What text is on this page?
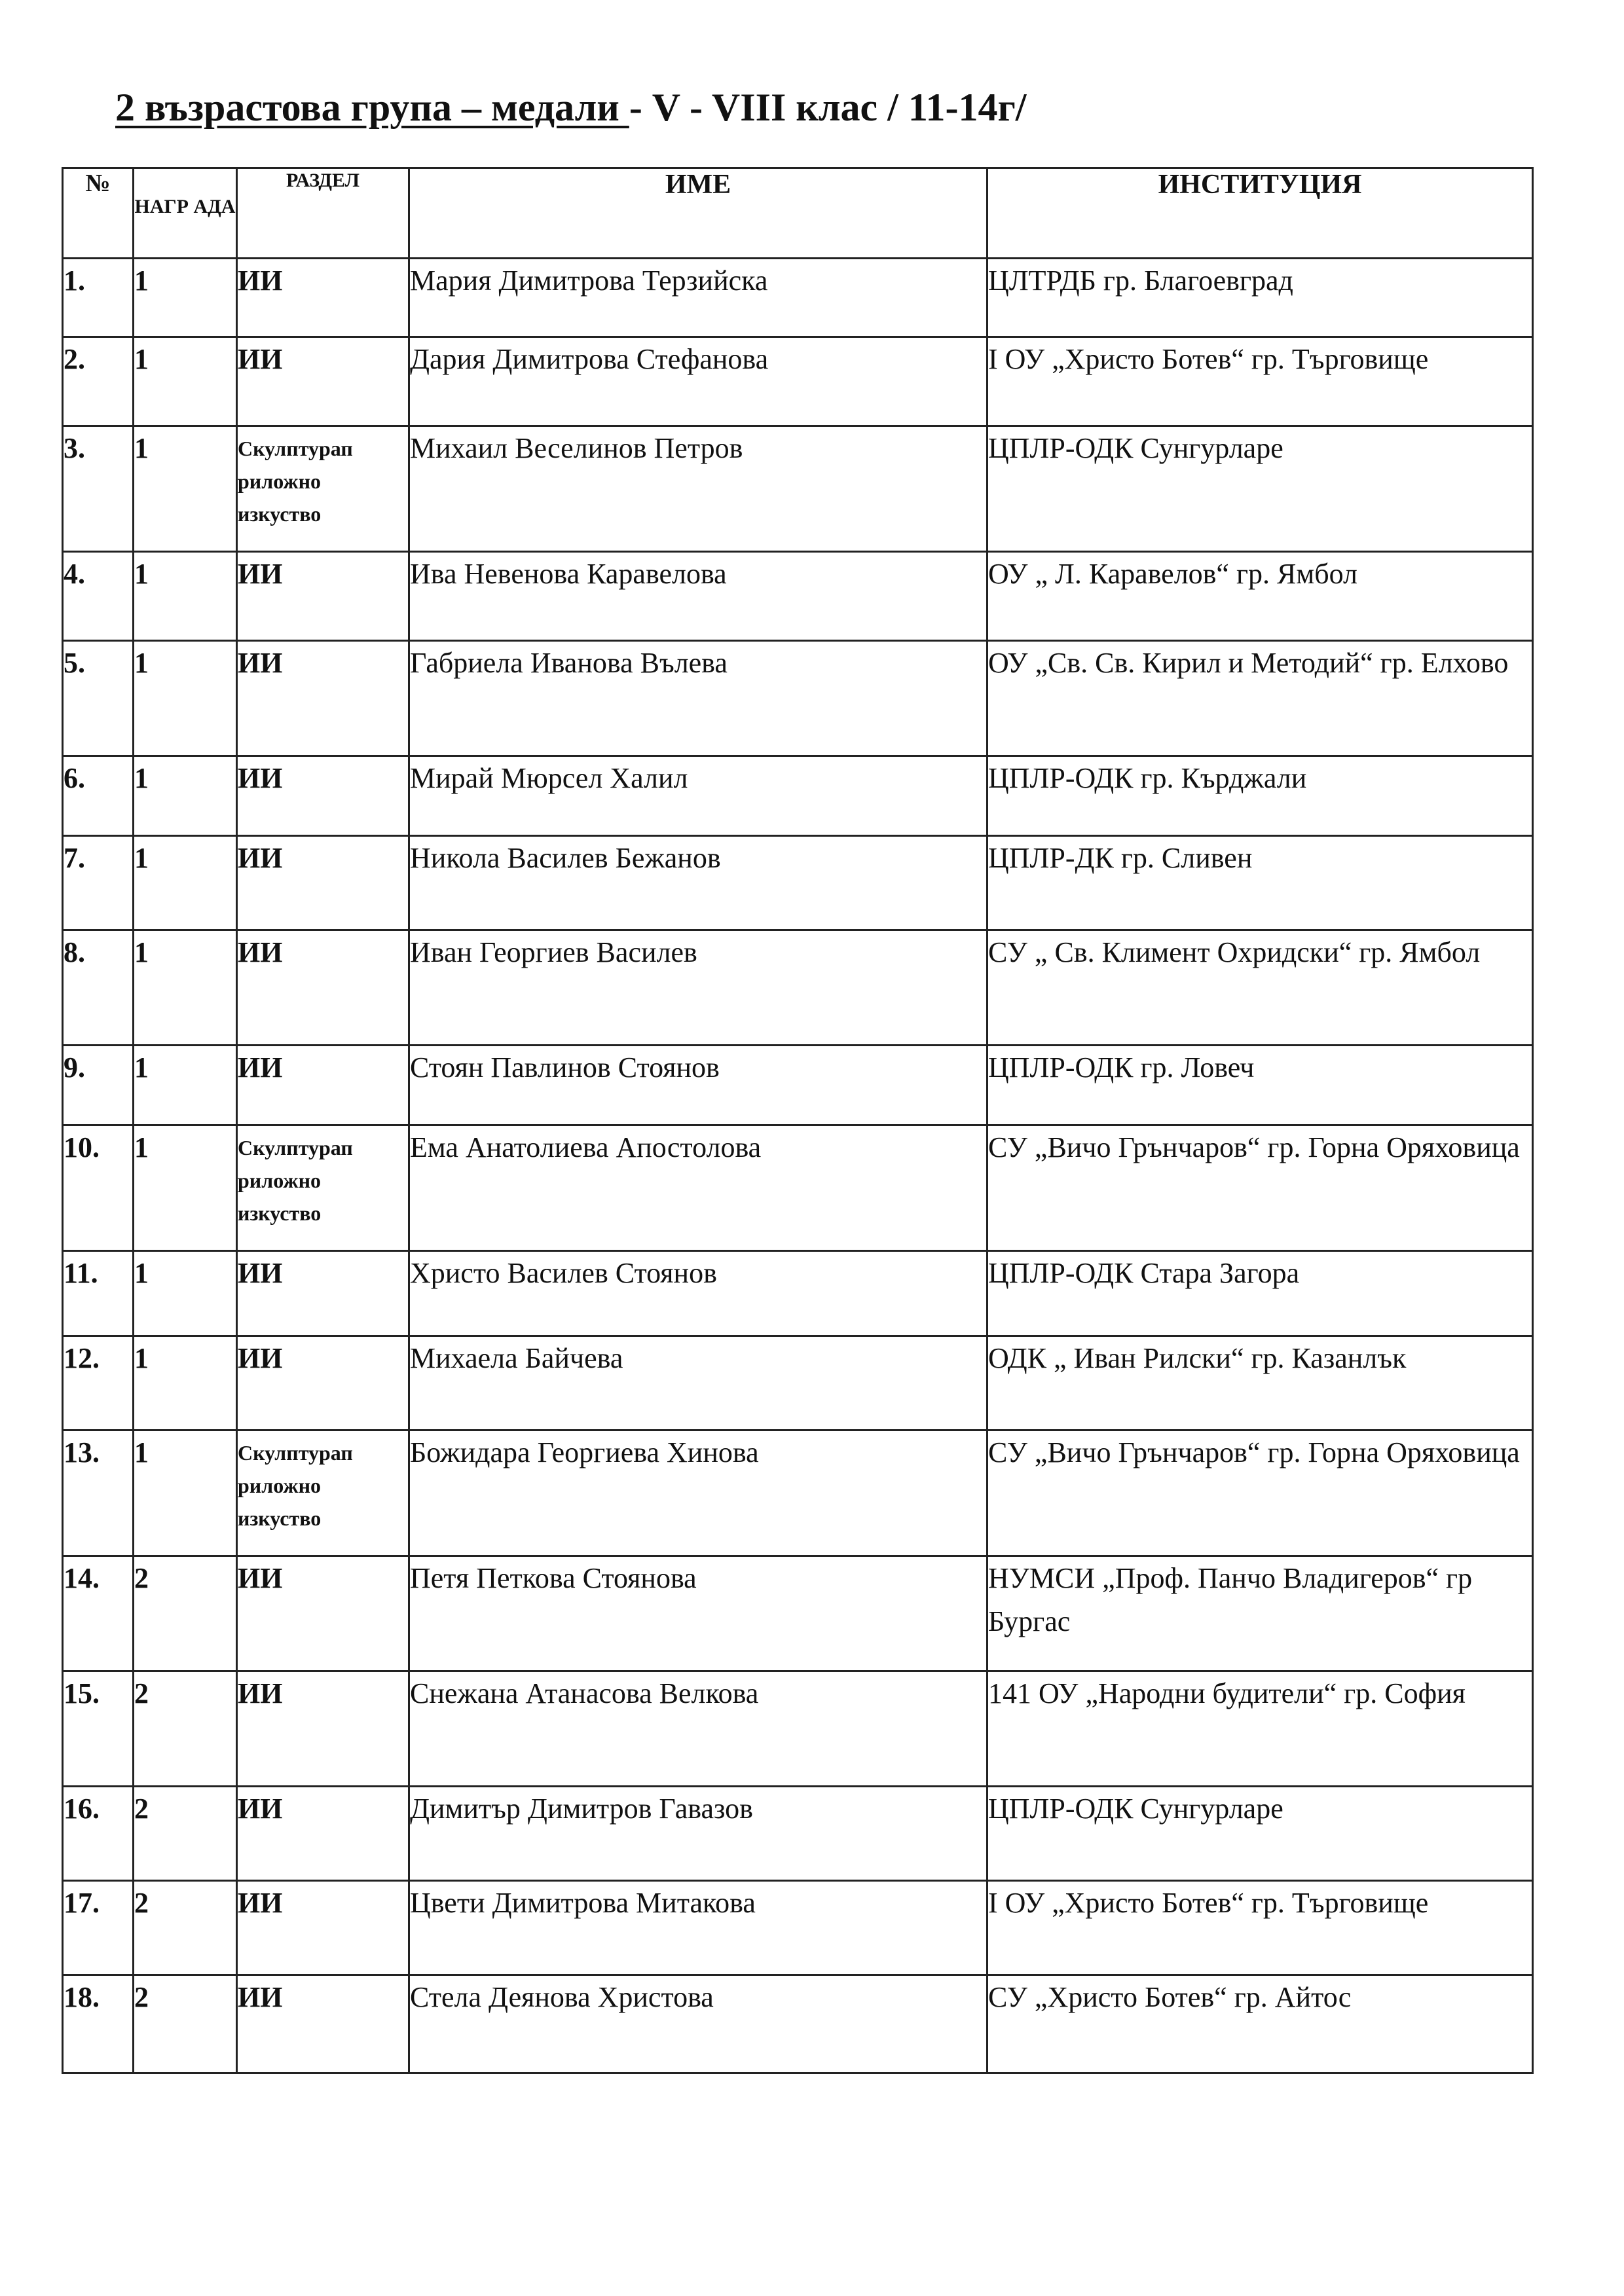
2 възрастова група – медали - V - VIII клас / 11-14г/
№	НАГР АДА	РАЗДЕЛ	ИМЕ	ИНСТИТУЦИЯ
1.	1	ИИ	Мария Димитрова Терзийска	ЦЛТРДБ гр. Благоевград
2.	1	ИИ	Дария Димитрова Стефанова	I ОУ „Христо Ботев“ гр. Търговище
3.	1	Скулптурап риложно изкуство	Михаил Веселинов Петров	ЦПЛР-ОДК Сунгурларе
4.	1	ИИ	Ива Невенова Каравелова	ОУ „ Л. Каравелов“ гр. Ямбол
5.	1	ИИ	Габриела Иванова Вълева	ОУ „Св. Св. Кирил и Методий“ гр. Елхово
6.	1	ИИ	Мирай Мюрсел Халил	ЦПЛР-ОДК гр. Кърджали
7.	1	ИИ	Никола Василев Бежанов	ЦПЛР-ДК гр. Сливен
8.	1	ИИ	Иван Георгиев Василев	СУ „ Св. Климент Охридски“ гр. Ямбол
9.	1	ИИ	Стоян Павлинов Стоянов	ЦПЛР-ОДК гр. Ловеч
10.	1	Скулптурап риложно изкуство	Ема Анатолиева Апостолова	СУ „Вичо Грънчаров“ гр. Горна Оряховица
11.	1	ИИ	Христо Василев Стоянов	ЦПЛР-ОДК Стара Загора
12.	1	ИИ	Михаела Байчева	ОДК „ Иван Рилски“ гр. Казанлък
13.	1	Скулптурап риложно изкуство	Божидара Георгиева Хинова	СУ „Вичо Грънчаров“ гр. Горна Оряховица
14.	2	ИИ	Петя Петкова Стоянова	НУМСИ „Проф. Панчо Владигеров“ гр Бургас
15.	2	ИИ	Снежана Атанасова Велкова	141 ОУ „Народни будители“ гр. София
16.	2	ИИ	Димитър Димитров Гавазов	ЦПЛР-ОДК Сунгурларе
17.	2	ИИ	Цвети Димитрова Митакова	I ОУ „Христо Ботев“ гр. Търговище
18.	2	ИИ	Стела Деянова Христова	СУ „Христо Ботев“ гр. Айтос
